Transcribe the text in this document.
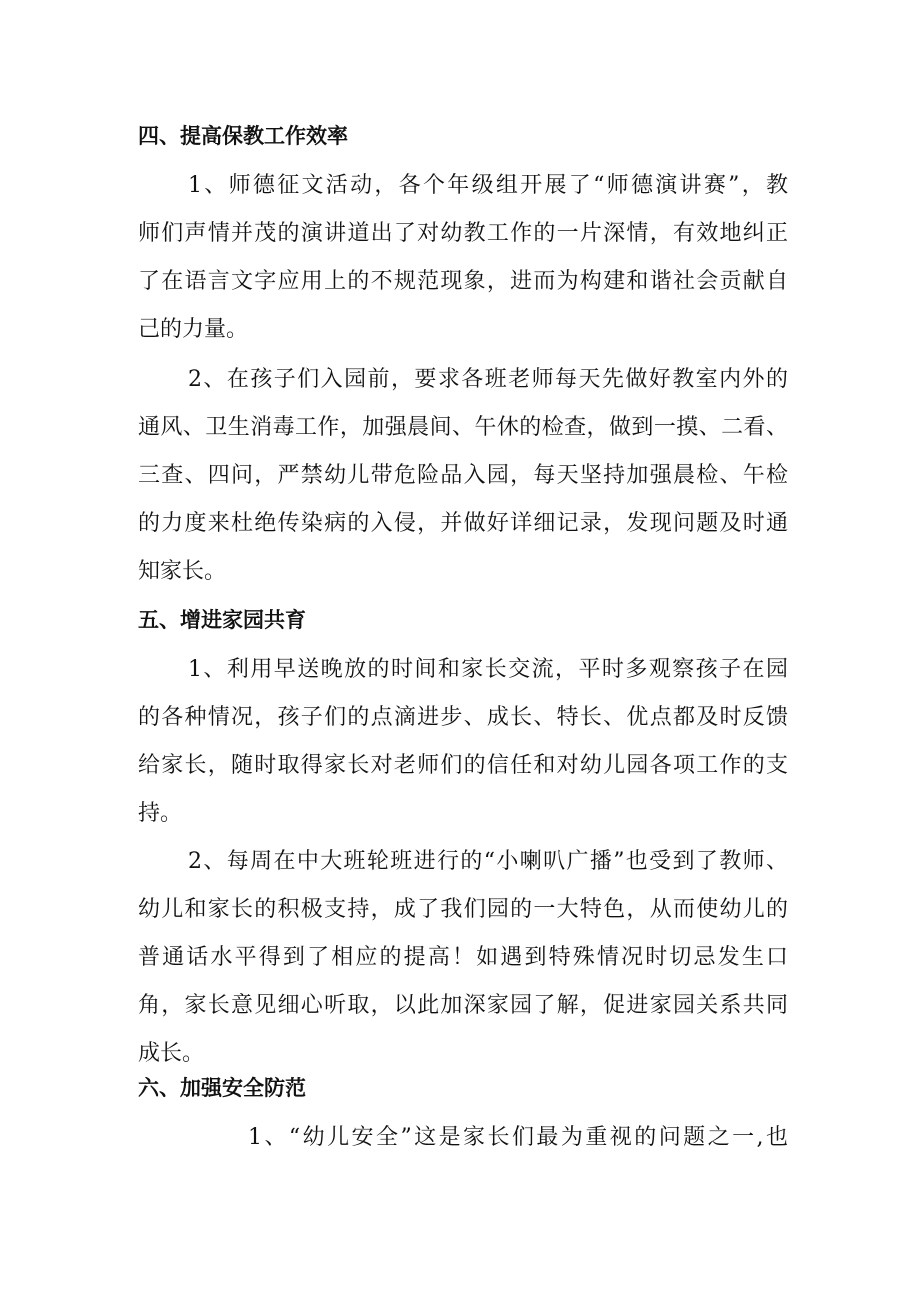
四、提高保教工作效率
1、师德征文活动，各个年级组开展了“师德演讲赛”，教
师们声情并茂的演讲道出了对幼教工作的一片深情，有效地纠正
了在语言文字应用上的不规范现象，进而为构建和谐社会贡献自
己的力量。
2、在孩子们入园前，要求各班老师每天先做好教室内外的
通风、卫生消毒工作，加强晨间、午休的检查，做到一摸、二看、
三查、四问，严禁幼儿带危险品入园，每天坚持加强晨检、午检
的力度来杜绝传染病的入侵，并做好详细记录，发现问题及时通
知家长。
五、增进家园共育
1、利用早送晚放的时间和家长交流，平时多观察孩子在园
的各种情况，孩子们的点滴进步、成长、特长、优点都及时反馈
给家长，随时取得家长对老师们的信任和对幼儿园各项工作的支
持。
2、每周在中大班轮班进行的“小喇叭广播”也受到了教师、
幼儿和家长的积极支持，成了我们园的一大特色，从而使幼儿的
普通话水平得到了相应的提高！如遇到特殊情况时切忌发生口
角，家长意见细心听取，以此加深家园了解，促进家园关系共同
成长。
六、加强安全防范
1、“幼儿安全”这是家长们最为重视的问题之一,也
